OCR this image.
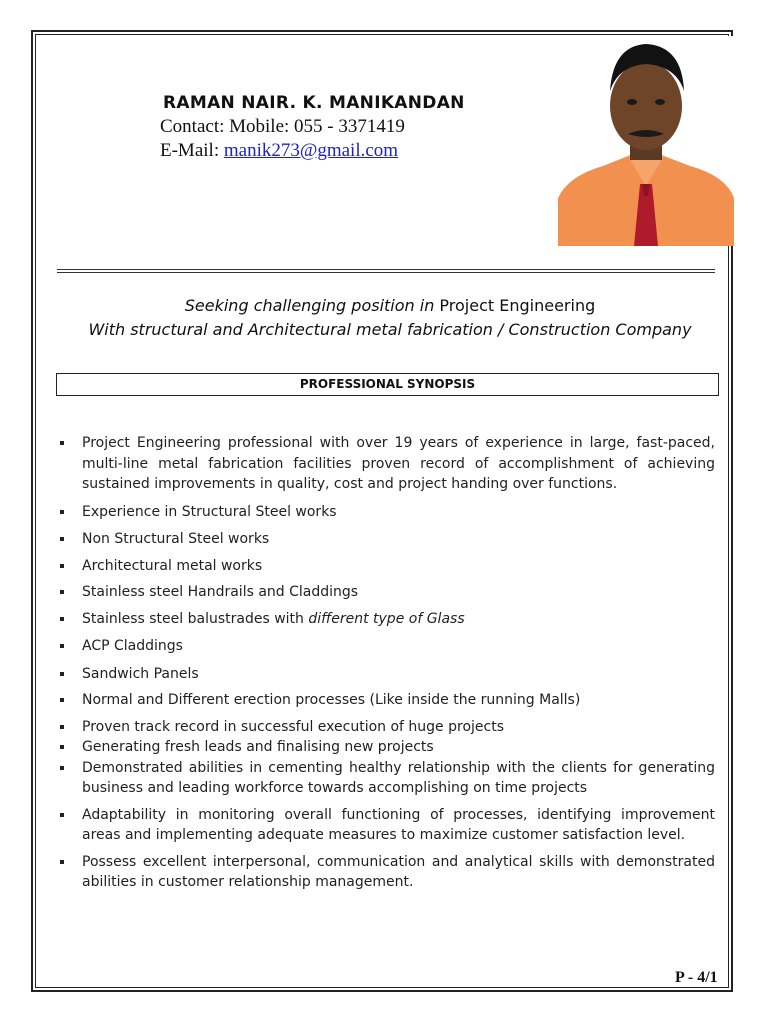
RAMAN NAIR. K. MANIKANDAN
Contact: Mobile: 055 - 3371419
E-Mail: manik273@gmail.com
Seeking challenging position in Project Engineering
With structural and Architectural metal fabrication / Construction Company
PROFESSIONAL SYNOPSIS
Project Engineering professional with over 19 years of experience in large, fast-paced, multi-line metal fabrication facilities proven record of accomplishment of achieving sustained improvements in quality, cost and project handing over functions.
Experience in Structural Steel works
Non Structural Steel works
Architectural metal works
Stainless steel Handrails and Claddings
Stainless steel balustrades with different type of Glass
ACP Claddings
Sandwich Panels
Normal and Different erection processes (Like inside the running Malls)
Proven track record in successful execution of huge projects
Generating fresh leads and finalising new projects
Demonstrated abilities in cementing healthy relationship with the clients for generating business and leading workforce towards accomplishing on time projects
Adaptability in monitoring overall functioning of processes, identifying improvement areas and implementing adequate measures to maximize customer satisfaction level.
Possess excellent interpersonal, communication and analytical skills with demonstrated abilities in customer relationship management.
P - 4/1
